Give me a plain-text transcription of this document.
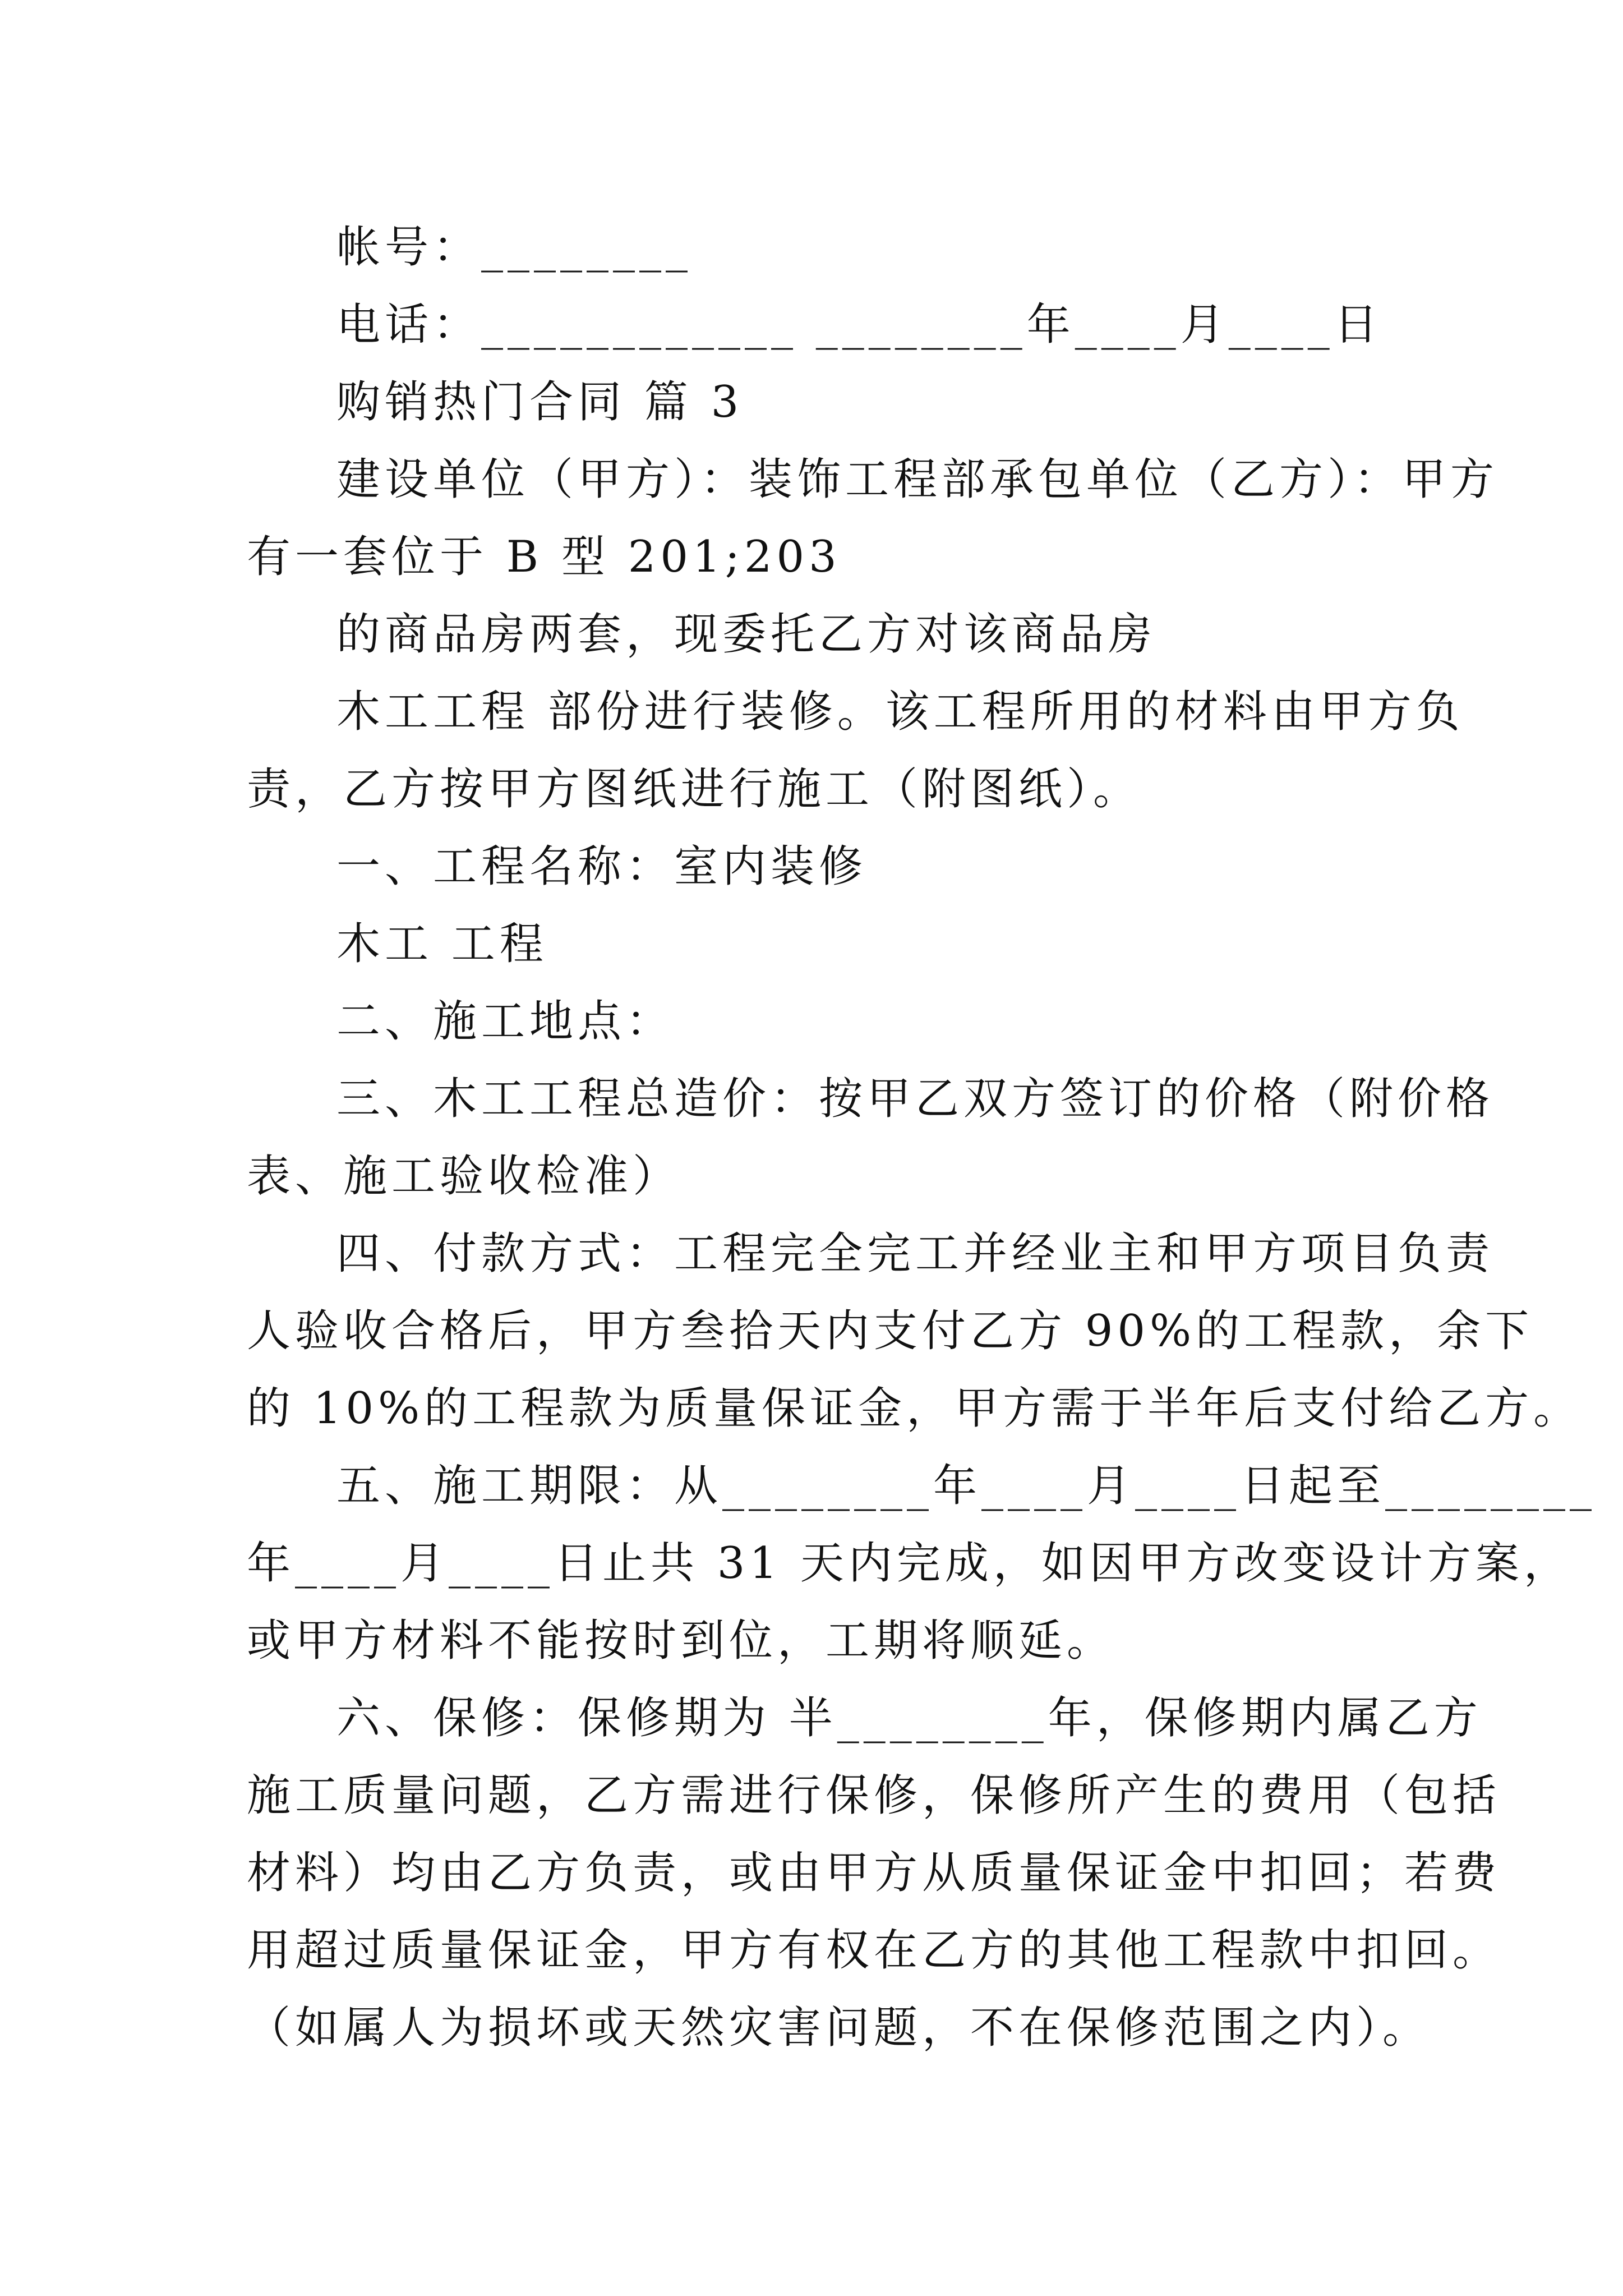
帐号：________

电话：____________ ________年____月____日

购销热门合同 篇 3

建设单位（甲方）：装饰工程部承包单位（乙方）：甲方

有一套位于 B 型 201;203

的商品房两套，现委托乙方对该商品房

木工工程 部份进行装修。该工程所用的材料由甲方负

责，乙方按甲方图纸进行施工（附图纸）。

一、工程名称：室内装修

木工 工程

二、施工地点：

三、木工工程总造价：按甲乙双方签订的价格（附价格

表、施工验收检准）

四、付款方式：工程完全完工并经业主和甲方项目负责

人验收合格后，甲方叁拾天内支付乙方 90%的工程款，余下

的 10%的工程款为质量保证金，甲方需于半年后支付给乙方。

五、施工期限：从________年____月____日起至________

年____月____日止共 31 天内完成，如因甲方改变设计方案，

或甲方材料不能按时到位，工期将顺延。

六、保修：保修期为 半________年，保修期内属乙方

施工质量问题，乙方需进行保修，保修所产生的费用（包括

材料）均由乙方负责，或由甲方从质量保证金中扣回；若费

用超过质量保证金，甲方有权在乙方的其他工程款中扣回。

（如属人为损坏或天然灾害问题，不在保修范围之内）。
